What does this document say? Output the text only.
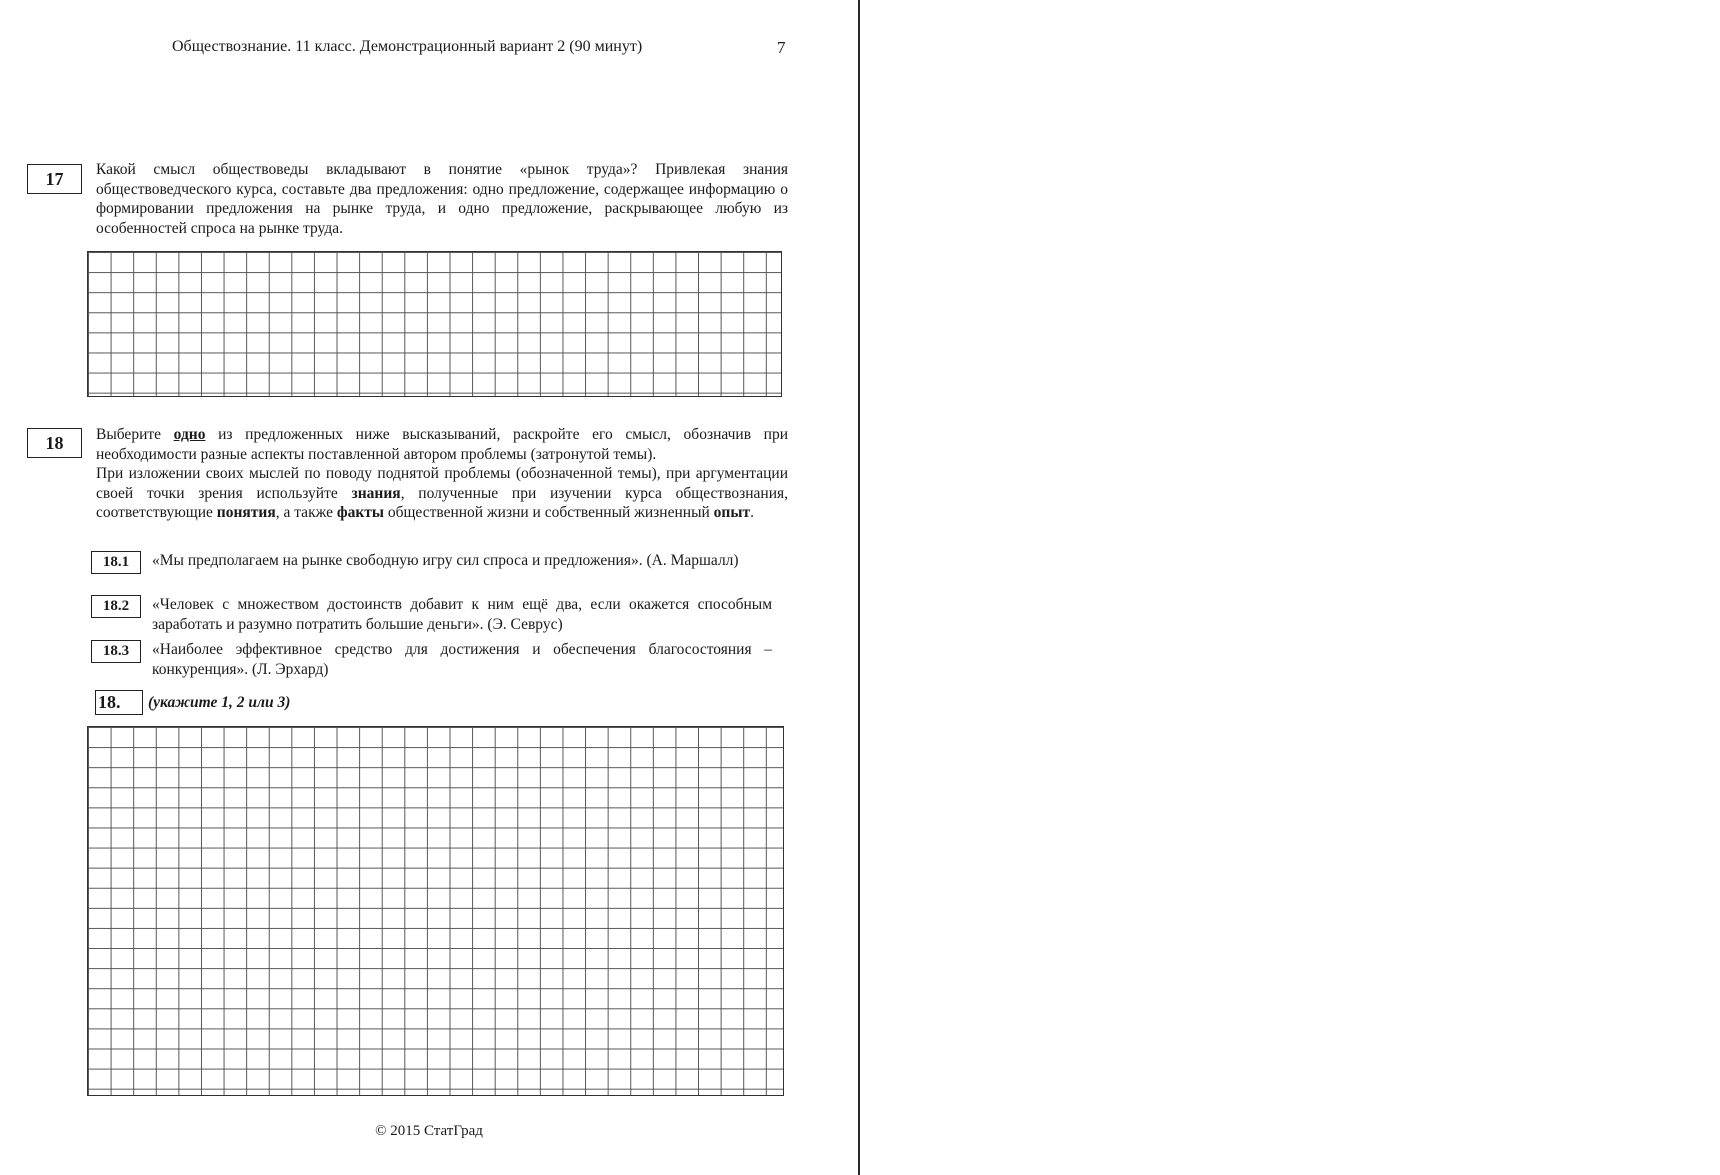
Обществознание. 11 класс. Демонстрационный вариант 2 (90 минут)	7
17	Какой смысл обществоведы вкладывают в понятие «рынок труда»? Привлекая знания обществоведческого курса, составьте два предложения: одно предложение, содержащее информацию о формировании предложения на рынке труда, и одно предложение, раскрывающее любую из особенностей спроса на рынке труда.

18	Выберите одно из предложенных ниже высказываний, раскройте его смысл, обозначив при необходимости разные аспекты поставленной автором проблемы (затронутой темы).

При изложении своих мыслей по поводу поднятой проблемы (обозначенной темы), при аргументации своей точки зрения используйте знания, полученные при изучении курса обществознания, соответствующие понятия, а также факты общественной жизни и собственный жизненный опыт.

18.1	«Мы предполагаем на рынке свободную игру сил спроса и предложения». (А. Маршалл)
18.2	«Человек с множеством достоинств добавит к ним ещё два, если окажется способным заработать и разумно потратить большие деньги». (Э. Севрус)
18.3	«Наиболее эффективное средство для достижения и обеспечения благосостояния – конкуренция». (Л. Эрхард)
18.	(укажите 1, 2 или 3)
© 2015 СтатГрад
